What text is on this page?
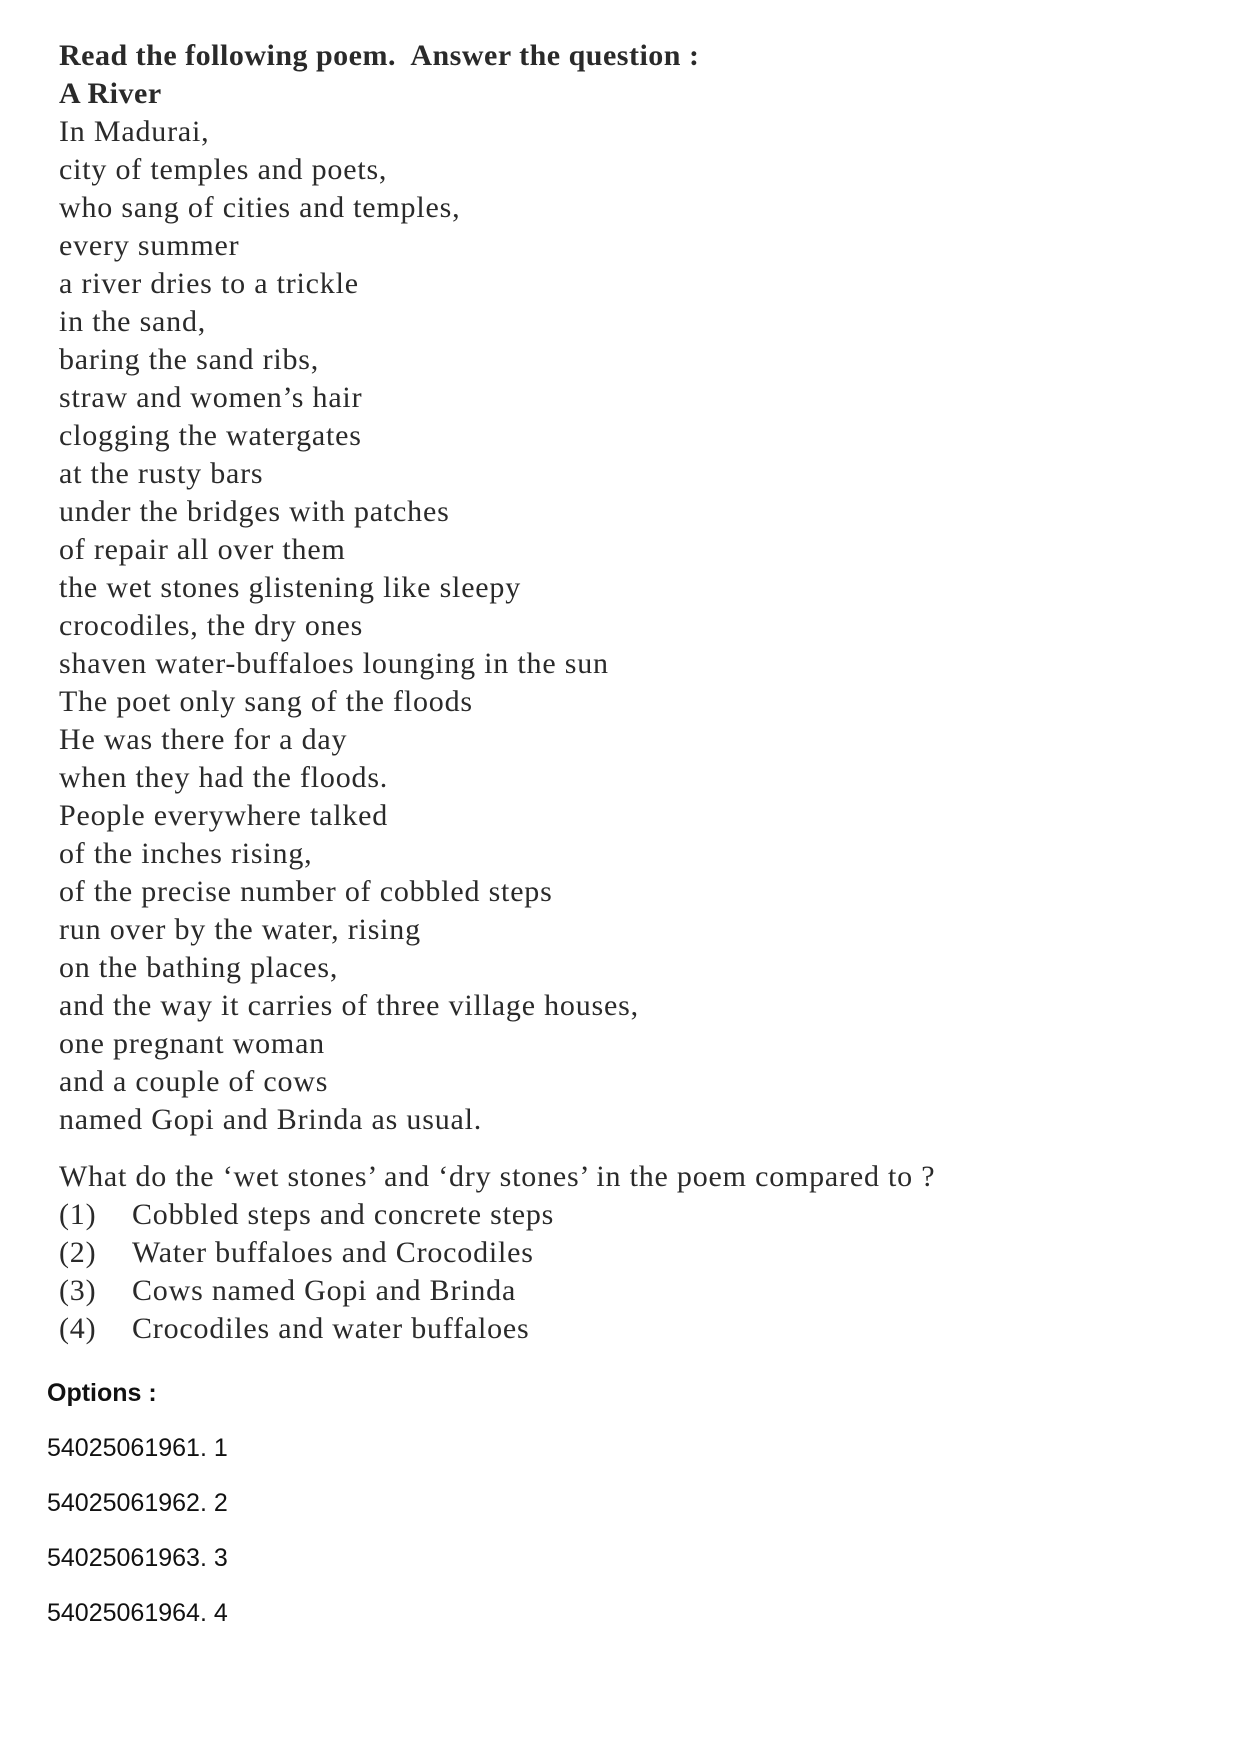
Read the following poem.  Answer the question :
A River
In Madurai,
city of temples and poets,
who sang of cities and temples,
every summer
a river dries to a trickle
in the sand,
baring the sand ribs,
straw and women’s hair
clogging the watergates
at the rusty bars
under the bridges with patches
of repair all over them
the wet stones glistening like sleepy
crocodiles, the dry ones
shaven water-buffaloes lounging in the sun
The poet only sang of the floods
He was there for a day
when they had the floods.
People everywhere talked
of the inches rising,
of the precise number of cobbled steps
run over by the water, rising
on the bathing places,
and the way it carries of three village houses,
one pregnant woman
and a couple of cows
named Gopi and Brinda as usual.
What do the ‘wet stones’ and ‘dry stones’ in the poem compared to ?
(1)	Cobbled steps and concrete steps
(2)	Water buffaloes and Crocodiles
(3)	Cows named Gopi and Brinda
(4)	Crocodiles and water buffaloes
Options :
54025061961. 1
54025061962. 2
54025061963. 3
54025061964. 4
